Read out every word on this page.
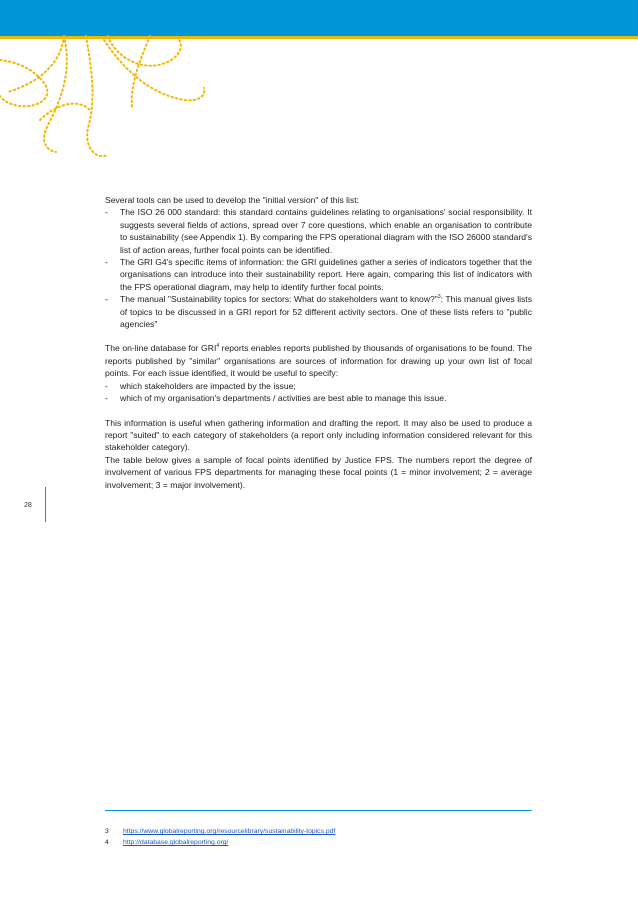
28

Several tools can be used to develop the "initial version" of this list:

- The ISO 26 000 standard: this standard contains guidelines relating to organisations' social responsibility. It suggests several fields of actions, spread over 7 core questions, which enable an organisation to contribute to sustainability (see Appendix 1). By comparing the FPS operational diagram with the ISO 26000 standard's list of action areas, further focal points can be identified.
- The GRI G4's specific items of information: the GRI guidelines gather a series of indicators together that the organisations can introduce into their sustainability report. Here again, comparing this list of indicators with the FPS operational diagram, may help to identify further focal points.
- The manual "Sustainability topics for sectors: What do stakeholders want to know?"$^3$: This manual gives lists of topics to be discussed in a GRI report for 52 different activity sectors. One of these lists refers to "public agencies"

The on-line database for GRI$^4$ reports enables reports published by thousands of organisations to be found. The reports published by "similar" organisations are sources of information for drawing up your own list of focal points. For each issue identified, it would be useful to specify:

- which stakeholders are impacted by the issue;
- which of my organisation's departments / activities are best able to manage this issue.

This information is useful when gathering information and drafting the report. It may also be used to produce a report "suited" to each category of stakeholders (a report only including information considered relevant for this stakeholder category).

The table below gives a sample of focal points identified by Justice FPS. The numbers report the degree of involvement of various FPS departments for managing these focal points (1 = minor involvement; 2 = average involvement; 3 = major involvement).

3	https://www.globalreporting.org/resourcelibrary/sustainability-topics.pdf
4	http://database.globalreporting.org/
